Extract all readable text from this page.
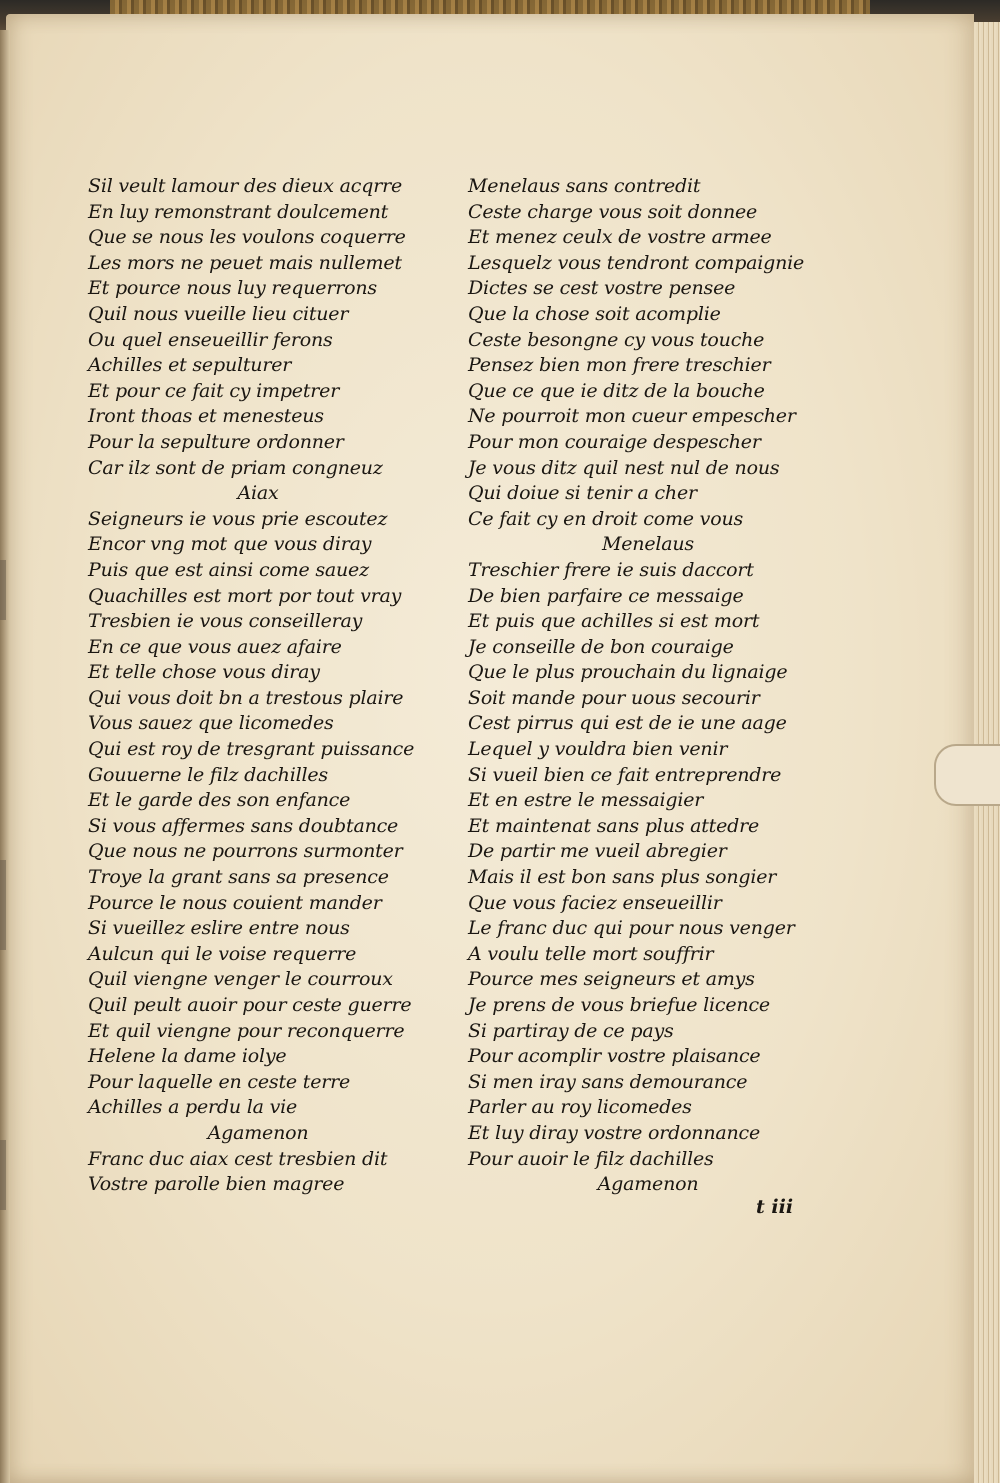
Sil veult lamour des dieux acqrre
En luy remonstrant doulcement
Que se nous les voulons coquerre
Les mors ne peuet mais nullemet
Et pource nous luy requerrons
Quil nous vueille lieu cituer
Ou quel enseueillir ferons
Achilles et sepulturer
Et pour ce fait cy impetrer
Iront thoas et menesteus
Pour la sepulture ordonner
Car ilz sont de priam congneuz
Aiax
Seigneurs ie vous prie escoutez
Encor vng mot que vous diray
Puis que est ainsi come sauez
Quachilles est mort por tout vray
Tresbien ie vous conseilleray
En ce que vous auez afaire
Et telle chose vous diray
Qui vous doit bn a trestous plaire
Vous sauez que licomedes
Qui est roy de tresgrant puissance
Gouuerne le filz dachilles
Et le garde des son enfance
Si vous affermes sans doubtance
Que nous ne pourrons surmonter
Troye la grant sans sa presence
Pource le nous couient mander
Si vueillez eslire entre nous
Aulcun qui le voise requerre
Quil viengne venger le courroux
Quil peult auoir pour ceste guerre
Et quil viengne pour reconquerre
Helene la dame iolye
Pour laquelle en ceste terre
Achilles a perdu la vie
Agamenon
Franc duc aiax cest tresbien dit
Vostre parolle bien magree
Menelaus sans contredit
Ceste charge vous soit donnee
Et menez ceulx de vostre armee
Lesquelz vous tendront compaignie
Dictes se cest vostre pensee
Que la chose soit acomplie
Ceste besongne cy vous touche
Pensez bien mon frere treschier
Que ce que ie ditz de la bouche
Ne pourroit mon cueur empescher
Pour mon couraige despescher
Je vous ditz quil nest nul de nous
Qui doiue si tenir a cher
Ce fait cy en droit come vous
Menelaus
Treschier frere ie suis daccort
De bien parfaire ce messaige
Et puis que achilles si est mort
Je conseille de bon couraige
Que le plus prouchain du lignaige
Soit mande pour uous secourir
Cest pirrus qui est de ie une aage
Lequel y vouldra bien venir
Si vueil bien ce fait entreprendre
Et en estre le messaigier
Et maintenat sans plus attedre
De partir me vueil abregier
Mais il est bon sans plus songier
Que vous faciez enseueillir
Le franc duc qui pour nous venger
A voulu telle mort souffrir
Pource mes seigneurs et amys
Je prens de vous briefue licence
Si partiray de ce pays
Pour acomplir vostre plaisance
Si men iray sans demourance
Parler au roy licomedes
Et luy diray vostre ordonnance
Pour auoir le filz dachilles
Agamenon
t iii
